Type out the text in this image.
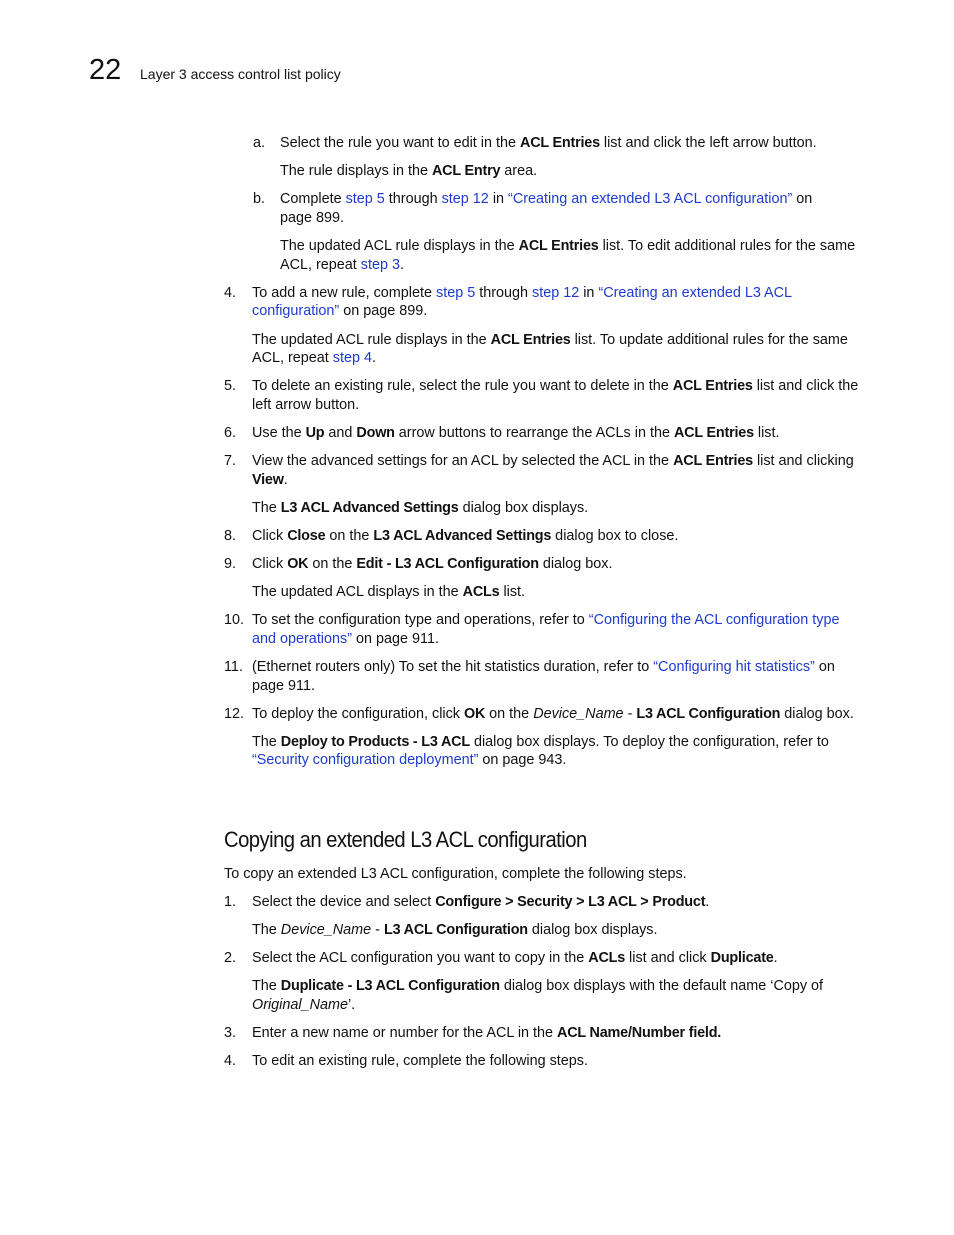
22 Layer 3 access control list policy
a. Select the rule you want to edit in the ACL Entries list and click the left arrow button.
The rule displays in the ACL Entry area.
b. Complete step 5 through step 12 in “Creating an extended L3 ACL configuration” on
page 899.
The updated ACL rule displays in the ACL Entries list. To edit additional rules for the same
ACL, repeat step 3.
4. To add a new rule, complete step 5 through step 12 in “Creating an extended L3 ACL
configuration” on page 899.
The updated ACL rule displays in the ACL Entries list. To update additional rules for the same
ACL, repeat step 4.
5. To delete an existing rule, select the rule you want to delete in the ACL Entries list and click the
left arrow button.
6. Use the Up and Down arrow buttons to rearrange the ACLs in the ACL Entries list.
7. View the advanced settings for an ACL by selected the ACL in the ACL Entries list and clicking
View.
The L3 ACL Advanced Settings dialog box displays.
8. Click Close on the L3 ACL Advanced Settings dialog box to close.
9. Click OK on the Edit - L3 ACL Configuration dialog box.
The updated ACL displays in the ACLs list.
10. To set the configuration type and operations, refer to “Configuring the ACL configuration type
and operations” on page 911.
11. (Ethernet routers only) To set the hit statistics duration, refer to “Configuring hit statistics” on
page 911.
12. To deploy the configuration, click OK on the Device_Name - L3 ACL Configuration dialog box.
The Deploy to Products - L3 ACL dialog box displays. To deploy the configuration, refer to
“Security configuration deployment” on page 943.
Copying an extended L3 ACL configuration
To copy an extended L3 ACL configuration, complete the following steps.
1. Select the device and select Configure > Security > L3 ACL > Product.
The Device_Name - L3 ACL Configuration dialog box displays.
2. Select the ACL configuration you want to copy in the ACLs list and click Duplicate.
The Duplicate - L3 ACL Configuration dialog box displays with the default name ‘Copy of
Original_Name’.
3. Enter a new name or number for the ACL in the ACL Name/Number field.
4. To edit an existing rule, complete the following steps.
